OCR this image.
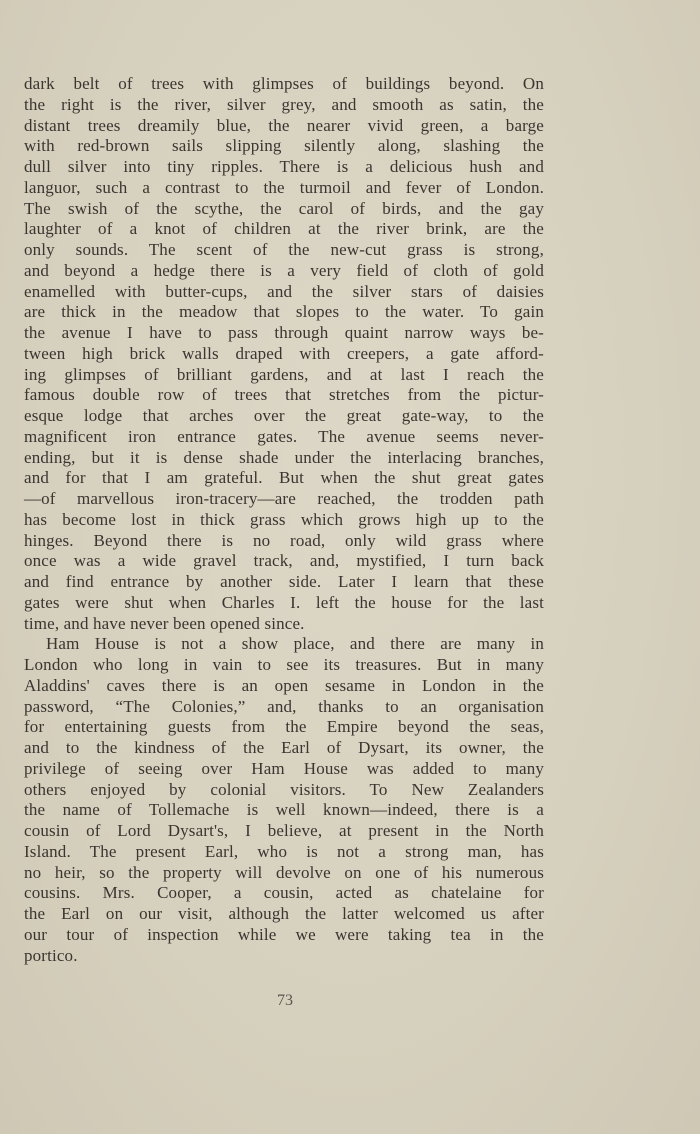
dark belt of trees with glimpses of buildings beyond. On
the right is the river, silver grey, and smooth as satin, the
distant trees dreamily blue, the nearer vivid green, a barge
with red-brown sails slipping silently along, slashing the
dull silver into tiny ripples. There is a delicious hush and
languor, such a contrast to the turmoil and fever of London.
The swish of the scythe, the carol of birds, and the gay
laughter of a knot of children at the river brink, are the
only sounds. The scent of the new-cut grass is strong,
and beyond a hedge there is a very field of cloth of gold
enamelled with butter-cups, and the silver stars of daisies
are thick in the meadow that slopes to the water. To gain
the avenue I have to pass through quaint narrow ways be-
tween high brick walls draped with creepers, a gate afford-
ing glimpses of brilliant gardens, and at last I reach the
famous double row of trees that stretches from the pictur-
esque lodge that arches over the great gate-way, to the
magnificent iron entrance gates. The avenue seems never-
ending, but it is dense shade under the interlacing branches,
and for that I am grateful. But when the shut great gates
—of marvellous iron-tracery—are reached, the trodden path
has become lost in thick grass which grows high up to the
hinges. Beyond there is no road, only wild grass where
once was a wide gravel track, and, mystified, I turn back
and find entrance by another side. Later I learn that these
gates were shut when Charles I. left the house for the last
time, and have never been opened since.
Ham House is not a show place, and there are many in
London who long in vain to see its treasures. But in many
Aladdins' caves there is an open sesame in London in the
password, “The Colonies,” and, thanks to an organisation
for entertaining guests from the Empire beyond the seas,
and to the kindness of the Earl of Dysart, its owner, the
privilege of seeing over Ham House was added to many
others enjoyed by colonial visitors. To New Zealanders
the name of Tollemache is well known—indeed, there is a
cousin of Lord Dysart's, I believe, at present in the North
Island. The present Earl, who is not a strong man, has
no heir, so the property will devolve on one of his numerous
cousins. Mrs. Cooper, a cousin, acted as chatelaine for
the Earl on our visit, although the latter welcomed us after
our tour of inspection while we were taking tea in the
portico.
73
